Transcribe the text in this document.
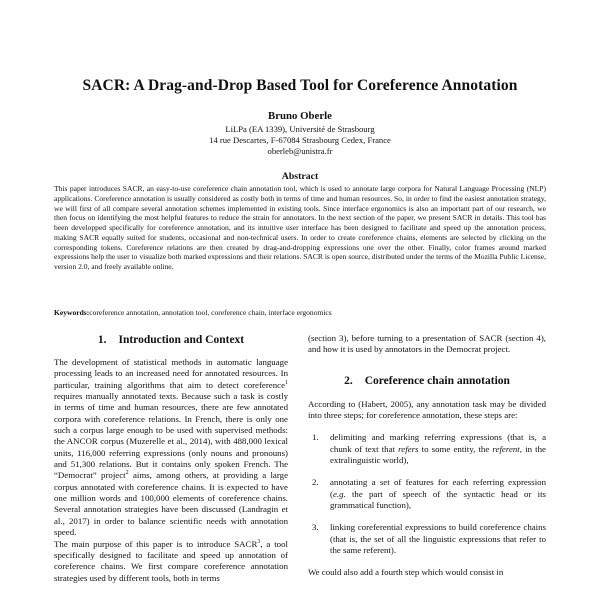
SACR: A Drag-and-Drop Based Tool for Coreference Annotation
Bruno Oberle
LiLPa (EA 1339), Université de Strasbourg
14 rue Descartes, F-67084 Strasbourg Cedex, France
oberleb@unistra.fr
Abstract

This paper introduces SACR, an easy-to-use coreference chain annotation tool, which is used to annotate large corpora for Natural Language Processing (NLP) applications. Coreference annotation is usually considered as costly both in terms of time and human resources. So, in order to find the easiest annotation strategy, we will first of all compare several annotation schemes implemented in existing tools. Since interface ergonomics is also an important part of our research, we then focus on identifying the most helpful features to reduce the strain for annotators. In the next section of the paper, we present SACR in details. This tool has been developped specifically for coreference annotation, and its intuitive user interface has been designed to facilitate and speed up the annotation process, making SACR equally suited for students, occasional and non-technical users. In order to create coreference chains, elements are selected by clicking on the corresponding tokens. Coreference relations are then created by drag-and-dropping expressions one over the other. Finally, color frames around marked expressions help the user to visualize both marked expressions and their relations. SACR is open source, distributed under the terms of the Mozilla Public License, version 2.0, and freely available online.

Keywords:coreference annotation, annotation tool, coreference chain, interface ergonomics
1. Introduction and Context

The development of statistical methods in automatic language processing leads to an increased need for annotated resources. In particular, training algorithms that aim to detect coreference$^1$ requires manually annotated texts. Because such a task is costly in terms of time and human resources, there are few annotated corpora with coreference relations. In French, there is only one such a corpus large enough to be used with supervised methods: the ANCOR corpus (Muzerelle et al., 2014), with 488,000 lexical units, 116,000 referring expressions (only nouns and pronouns) and 51,300 relations. But it contains only spoken French. The “Democrat” project$^2$ aims, among others, at providing a large corpus annotated with coreference chains. It is expected to have one million words and 100,000 elements of coreference chains. Several annotation strategies have been discussed (Landragin et al., 2017) in order to balance scientific needs with annotation speed.

The main purpose of this paper is to introduce SACR$^3$, a tool specifically designed to facilitate and speed up annotation of coreference chains. We first compare coreference annotation strategies used by different tools, both in terms

(section 3), before turning to a presentation of SACR (section 4), and how it is used by annotators in the Democrat project.

2. Coreference chain annotation

According to (Habert, 2005), any annotation task may be divided into three steps; for coreference annotation, these steps are:

1. delimiting and marking referring expressions (that is, a chunk of text that refers to some entity, the referent, in the extralinguistic world),
2. annotating a set of features for each referring expression (e.g. the part of speech of the syntactic head or its grammatical function),
3. linking coreferential expressions to build coreference chains (that is, the set of all the linguistic expressions that refer to the same referent).

We could also add a fourth step which would consist in
